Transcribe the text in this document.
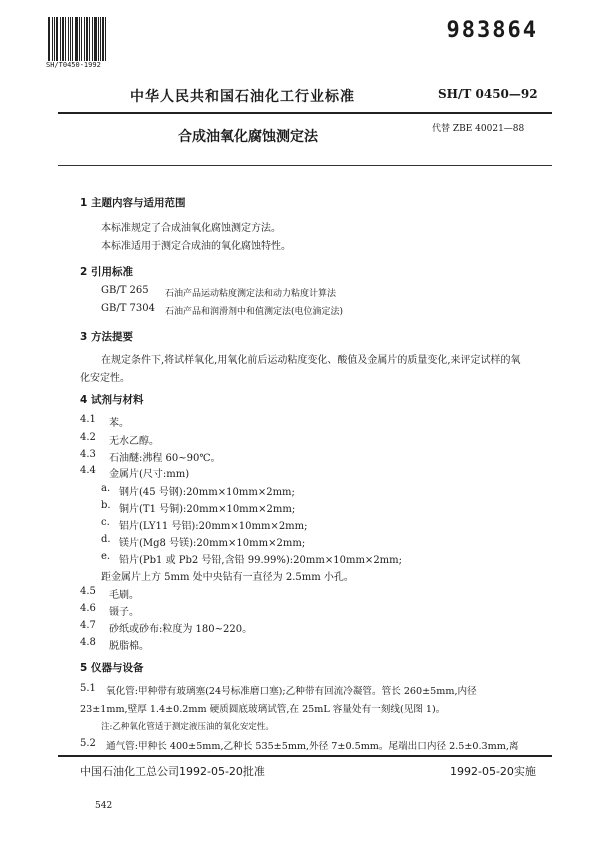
SH/T0450-1992
983864
中华人民共和国石油化工行业标准	SH/T 0450—92
合成油氧化腐蚀测定法	代替 ZBE 40021—88
1 主题内容与适用范围
本标准规定了合成油氧化腐蚀测定方法。
本标准适用于测定合成油的氧化腐蚀特性。
2 引用标准
GB/T 265 石油产品运动粘度测定法和动力粘度计算法
GB/T 7304 石油产品和润滑剂中和值测定法(电位滴定法)
3 方法提要
在规定条件下,将试样氧化,用氧化前后运动粘度变化、酸值及金属片的质量变化,来评定试样的氧
化安定性。
4 试剂与材料
4.1 苯。
4.2 无水乙醇。
4.3 石油醚:沸程 60~90℃。
4.4 金属片(尺寸:mm)
a. 钢片(45 号钢):20mm×10mm×2mm;
b. 铜片(T1 号铜):20mm×10mm×2mm;
c. 铝片(LY11 号铝):20mm×10mm×2mm;
d. 镁片(Mg8 号镁):20mm×10mm×2mm;
e. 铅片(Pb1 或 Pb2 号铅,含铅 99.99%):20mm×10mm×2mm;
距金属片上方 5mm 处中央钻有一直径为 2.5mm 小孔。
4.5 毛刷。
4.6 镊子。
4.7 砂纸或砂布:粒度为 180~220。
4.8 脱脂棉。
5 仪器与设备
5.1 氧化管:甲种带有玻璃塞(24号标准磨口塞);乙种带有回流冷凝管。管长 260±5mm,内径
23±1mm,壁厚 1.4±0.2mm 硬质圆底玻璃试管,在 25mL 容量处有一刻线(见图 1)。
注:乙种氧化管适于测定液压油的氧化安定性。
5.2 通气管:甲种长 400±5mm,乙种长 535±5mm,外径 7±0.5mm。尾端出口内径 2.5±0.3mm,离
中国石油化工总公司1992-05-20批准	1992-05-20实施
542
